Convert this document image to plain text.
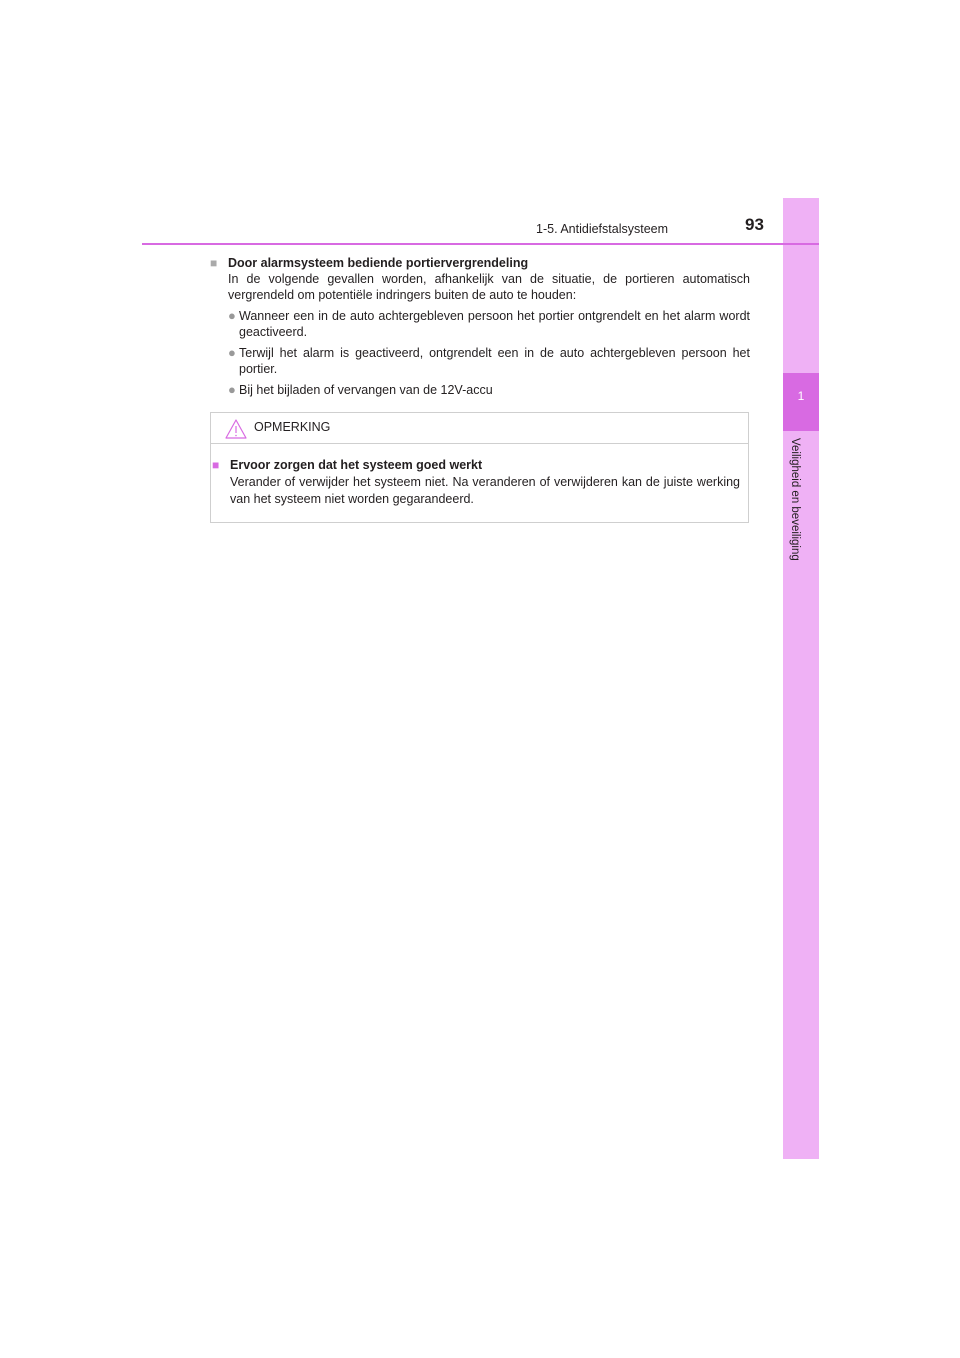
1
Veiligheid en beveiliging
1-5. Antidiefstalsysteem	93
■ Door alarmsysteem bediende portiervergrendeling
In de volgende gevallen worden, afhankelijk van de situatie, de portieren automatisch vergrendeld om potentiële indringers buiten de auto te houden:
● Wanneer een in de auto achtergebleven persoon het portier ontgrendelt en het alarm wordt geactiveerd.
● Terwijl het alarm is geactiveerd, ontgrendelt een in de auto achtergebleven persoon het portier.
● Bij het bijladen of vervangen van de 12V-accu
OPMERKING
■ Ervoor zorgen dat het systeem goed werkt
Verander of verwijder het systeem niet. Na veranderen of verwijderen kan de juiste werking van het systeem niet worden gegarandeerd.
